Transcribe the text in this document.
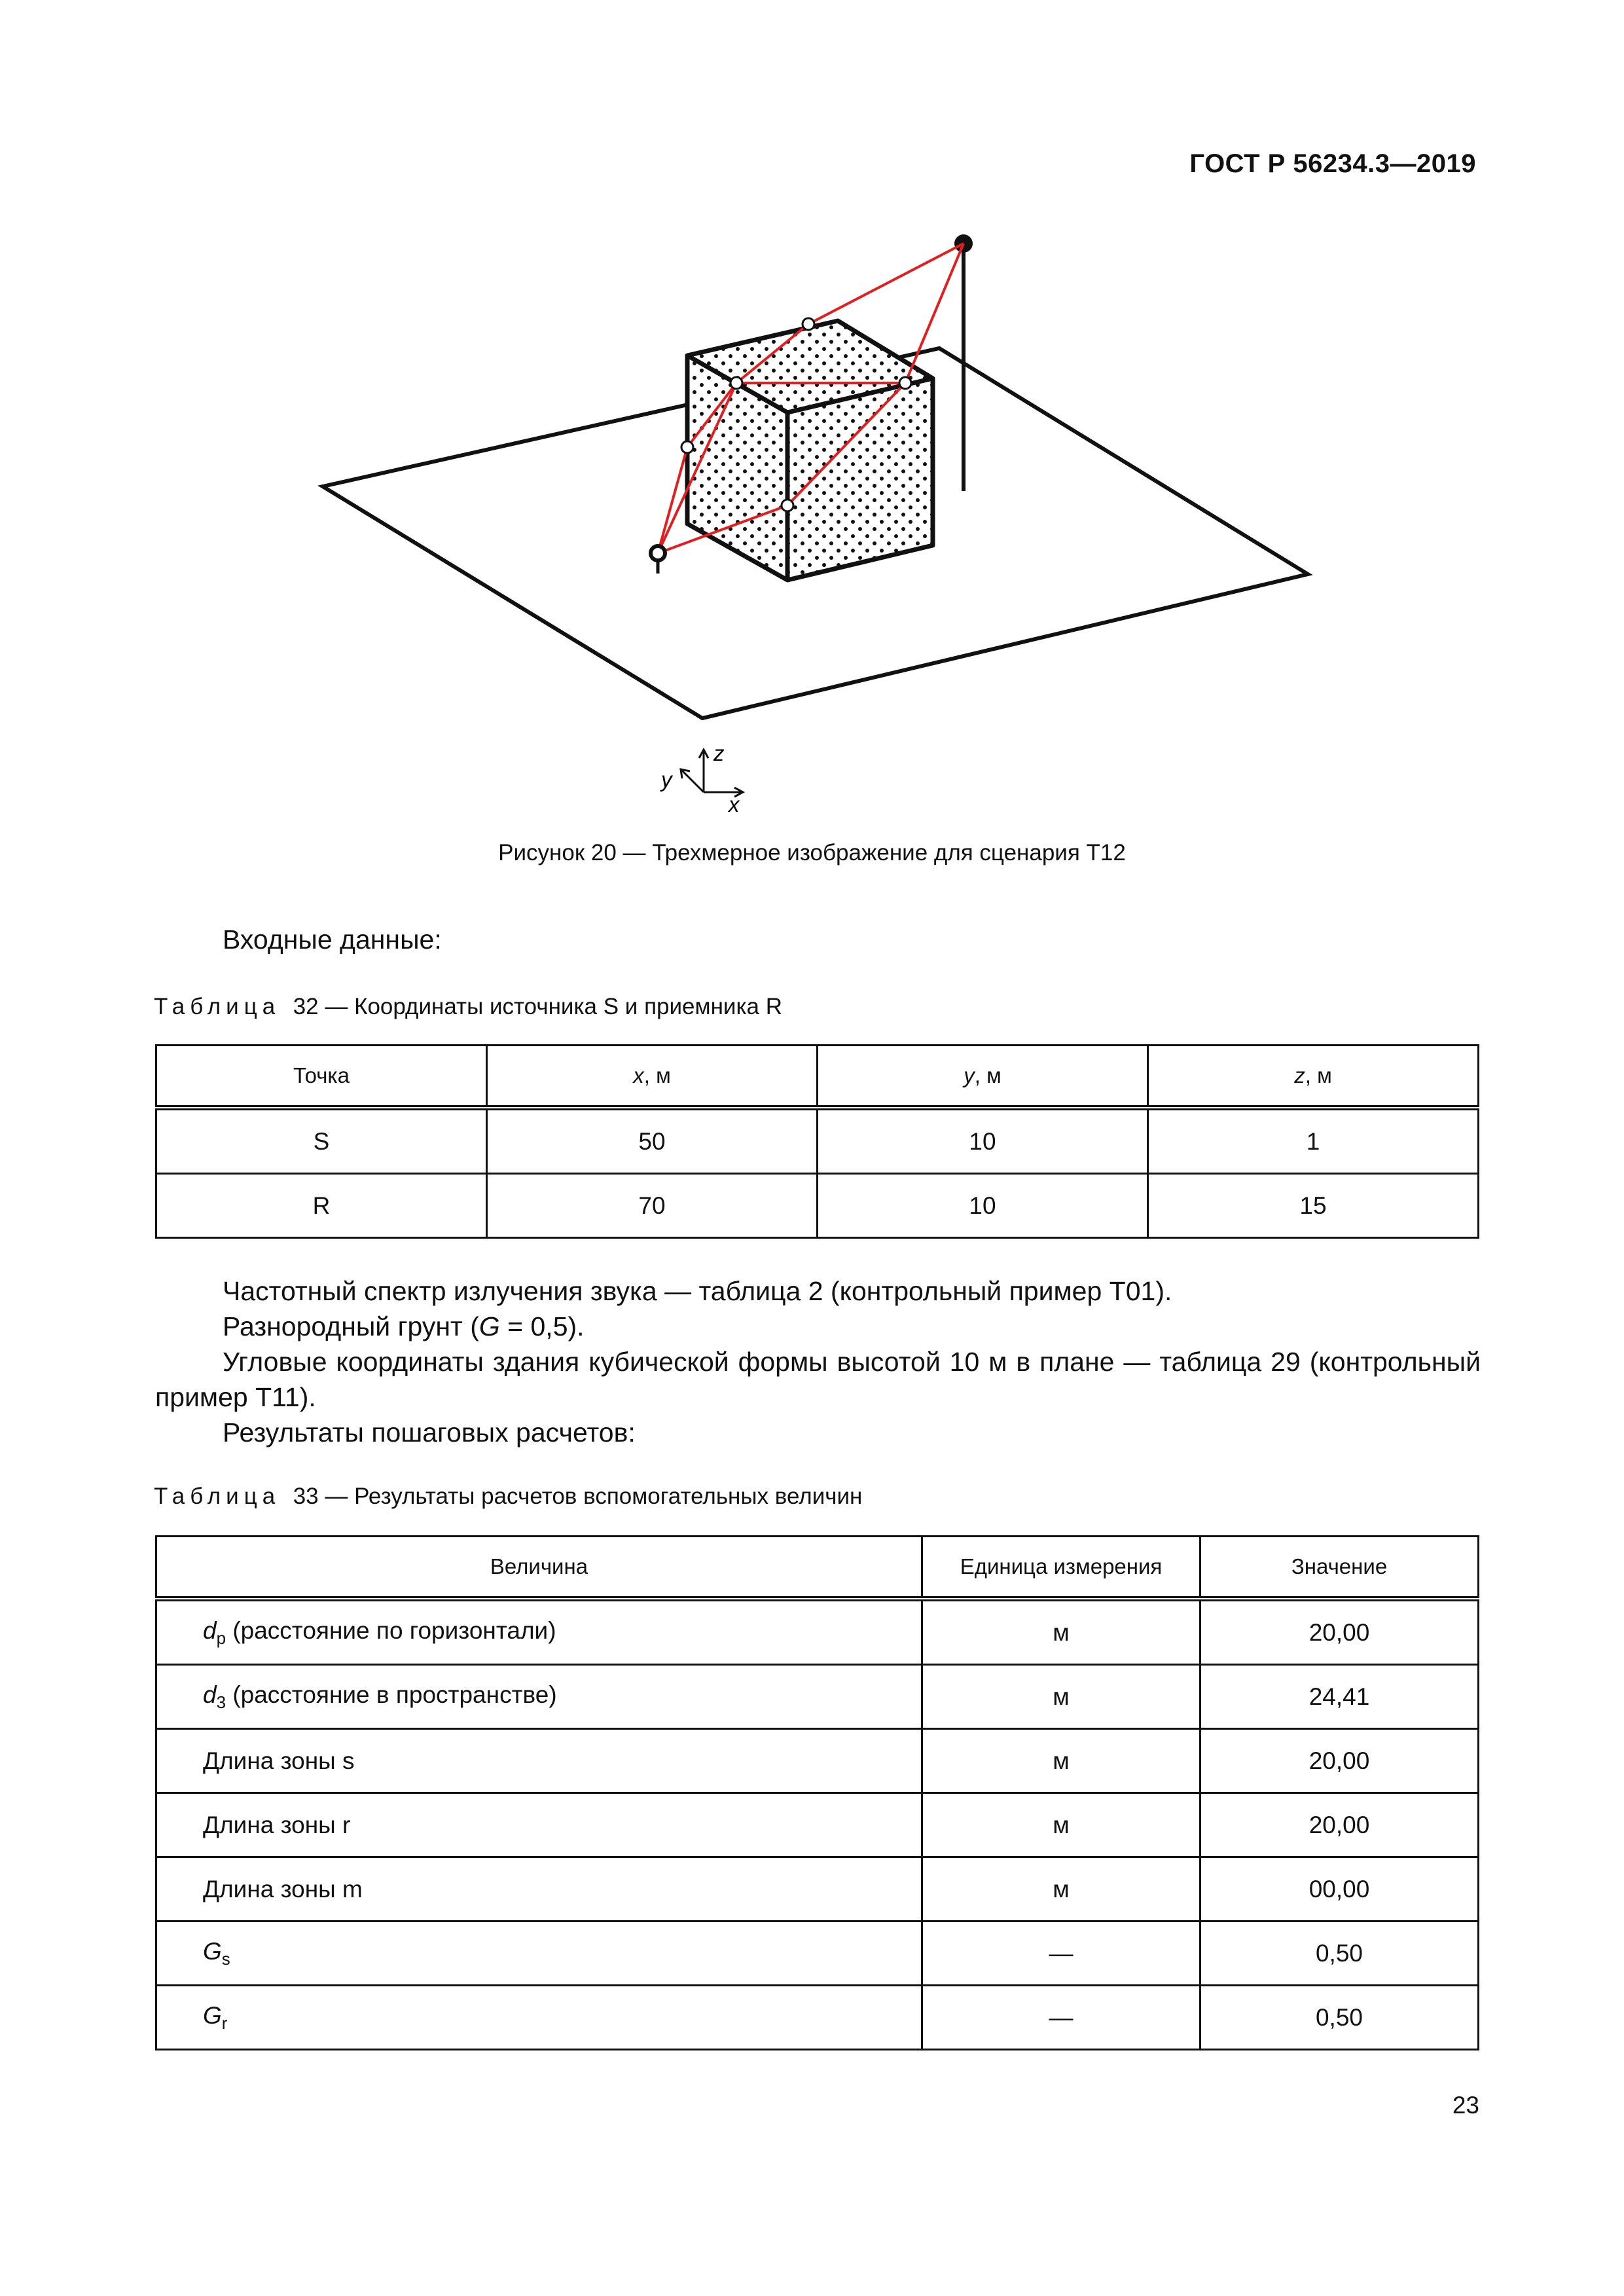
ГОСТ Р 56234.3—2019
z
y
x
Рисунок 20 — Трехмерное изображение для сценария Т12
Входные данные:
Таблица 32 — Координаты источника S и приемника R
Точка	x, м	y, м	z, м
S	50	10	1
R	70	10	15
Частотный спектр излучения звука — таблица 2 (контрольный пример Т01).
Разнородный грунт (G = 0,5).
Угловые координаты здания кубической формы высотой 10 м в плане — таблица 29 (контрольный пример Т11).
Результаты пошаговых расчетов:
Таблица 33 — Результаты расчетов вспомогательных величин
Величина	Единица измерения	Значение
$d_p$ (расстояние по горизонтали)	м	20,00
$d_3$ (расстояние в пространстве)	м	24,41
Длина зоны s	м	20,00
Длина зоны r	м	20,00
Длина зоны m	м	00,00
$G_s$	—	0,50
$G_r$	—	0,50
23
